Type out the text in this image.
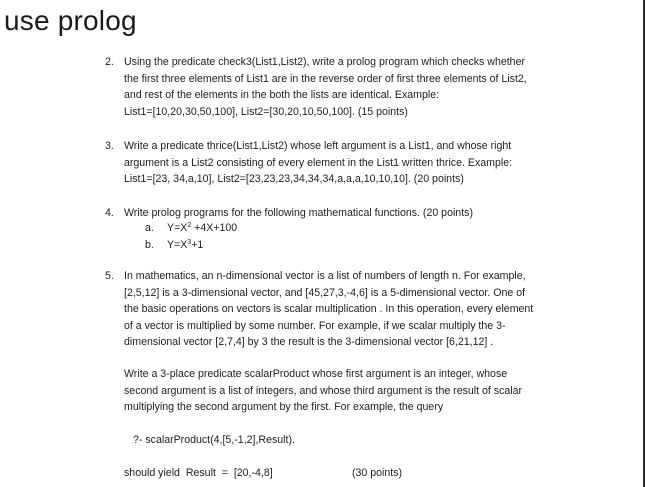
use prolog
2. Using the predicate check3(List1,List2), write a prolog program which checks whether
the first three elements of List1 are in the reverse order of first three elements of List2,
and rest of the elements in the both the lists are identical. Example:
List1=[10,20,30,50,100], List2=[30,20,10,50,100]. (15 points)
3. Write a predicate thrice(List1,List2) whose left argument is a List1, and whose right
argument is a List2 consisting of every element in the List1 written thrice. Example:
List1=[23, 34,a,10], List2=[23,23,23,34,34,34,a,a,a,10,10,10]. (20 points)
4. Write prolog programs for the following mathematical functions. (20 points)
a. $Y=X^2 +4X+100$
b. $Y=X^3+1$
5. In mathematics, an n-dimensional vector is a list of numbers of length n. For example,
[2,5,12] is a 3-dimensional vector, and [45,27,3,-4,6] is a 5-dimensional vector. One of
the basic operations on vectors is scalar multiplication . In this operation, every element
of a vector is multiplied by some number. For example, if we scalar multiply the 3-
dimensional vector [2,7,4] by 3 the result is the 3-dimensional vector [6,21,12] .
Write a 3-place predicate scalarProduct whose first argument is an integer, whose
second argument is a list of integers, and whose third argument is the result of scalar
multiplying the second argument by the first. For example, the query
?- scalarProduct(4,[5,-1,2],Result).
should yield  Result  =  [20,-4,8]	(30 points)
